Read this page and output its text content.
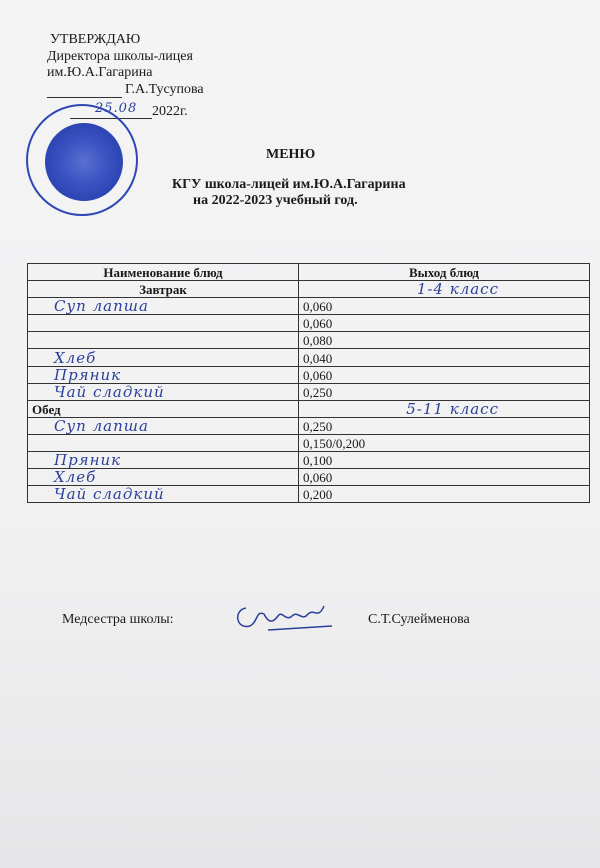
УТВЕРЖДАЮ
Директора школы-лицея
им.Ю.А.Гагарина
Г.А.Тусупова
25.08 2022г.
МЕНЮ
КГУ школа-лицей им.Ю.А.Гагарина
на 2022-2023 учебный год.
Наименование блюд	Выход блюд
Завтрак	1-4 класс
Суп лапша	0,060
	0,060
	0,080
Хлеб	0,040
Пряник	0,060
Чай сладкий	0,250
Обед	5-11 класс
Суп лапша	0,250
	0,150/0,200
Пряник	0,100
Хлеб	0,060
Чай сладкий	0,200
Медсестра школы:	С.Т.Сулейменова
